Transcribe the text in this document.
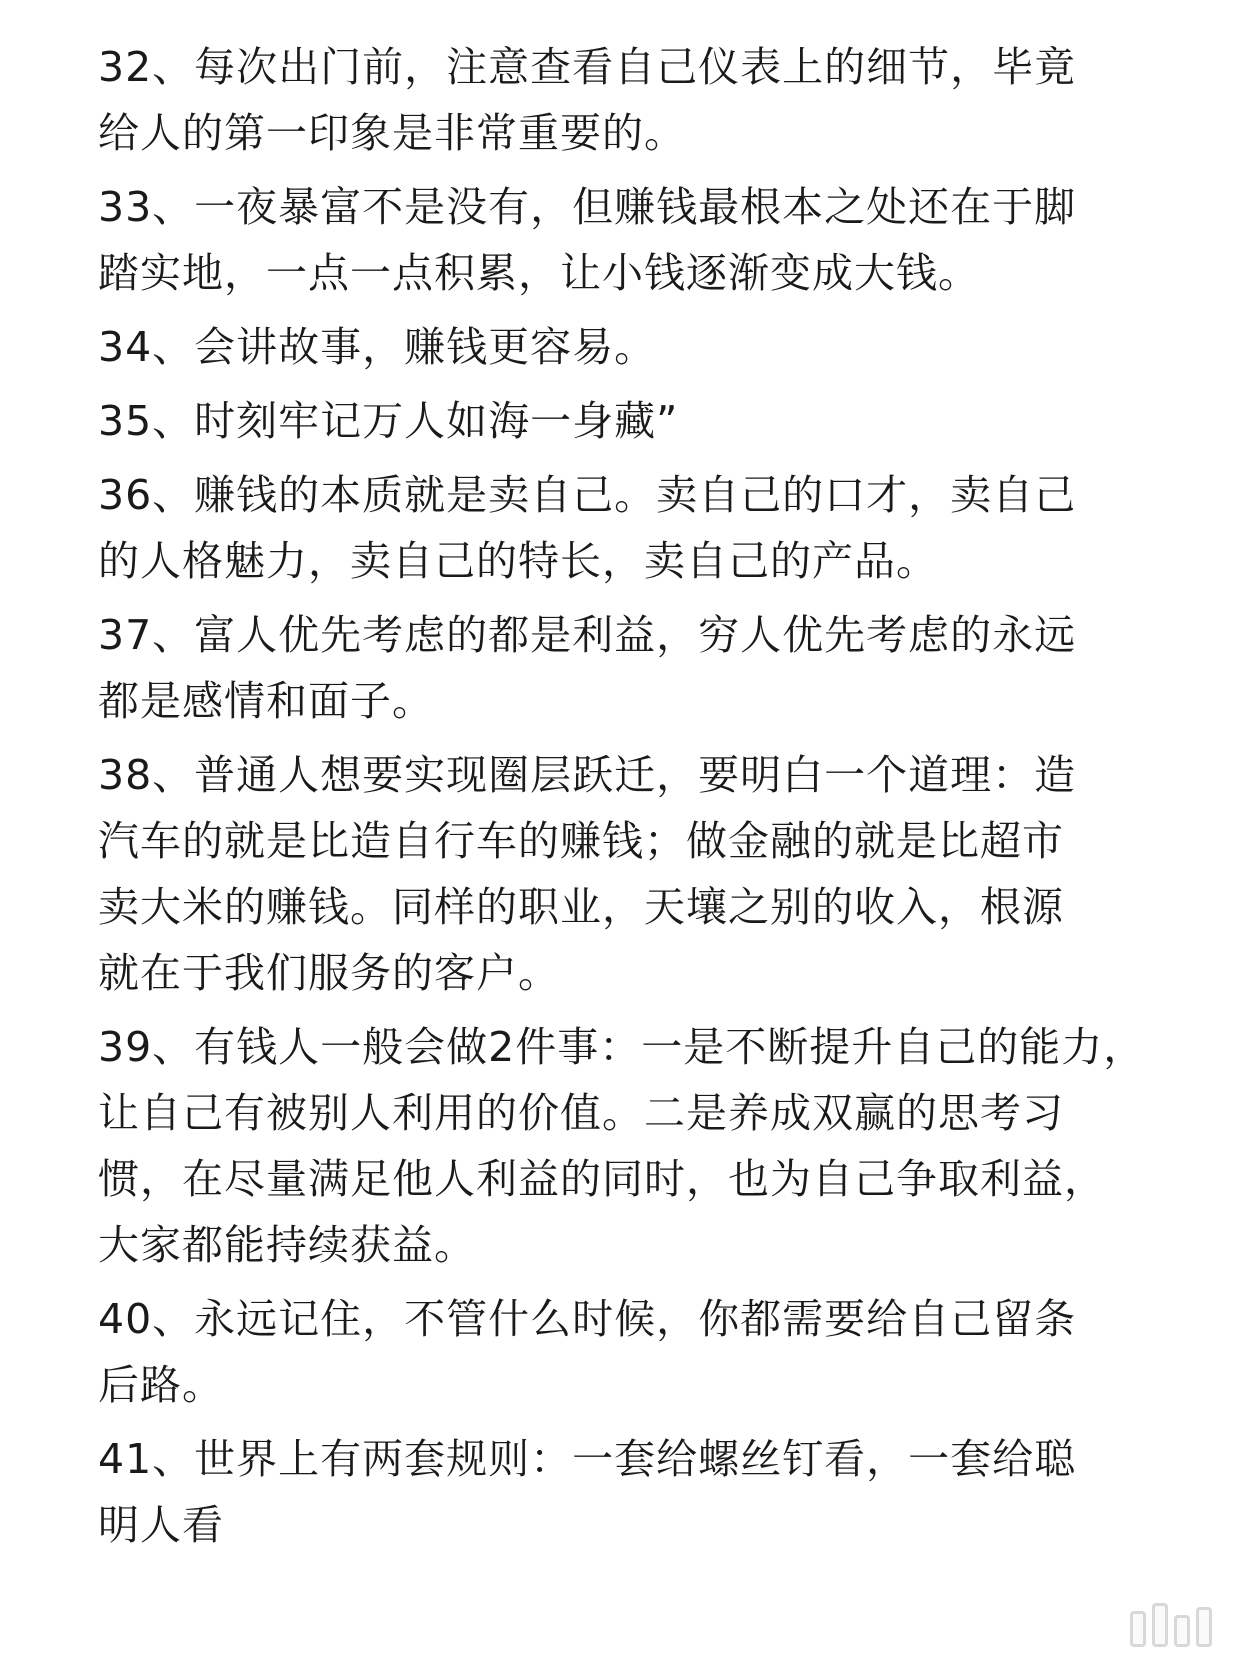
32、每次出门前，注意查看自己仪表上的细节，毕竟
给人的第一印象是非常重要的。
33、一夜暴富不是没有，但赚钱最根本之处还在于脚
踏实地，一点一点积累，让小钱逐渐变成大钱。
34、会讲故事，赚钱更容易。
35、时刻牢记万人如海一身藏”
36、赚钱的本质就是卖自己。卖自己的口才，卖自己
的人格魅力，卖自己的特长，卖自己的产品。
37、富人优先考虑的都是利益，穷人优先考虑的永远
都是感情和面子。
38、普通人想要实现圈层跃迁，要明白一个道理：造
汽车的就是比造自行车的赚钱；做金融的就是比超市
卖大米的赚钱。同样的职业，天壤之别的收入，根源
就在于我们服务的客户。
39、有钱人一般会做2件事：一是不断提升自己的能力，
让自己有被别人利用的价值。二是养成双赢的思考习
惯，在尽量满足他人利益的同时，也为自己争取利益，
大家都能持续获益。
40、永远记住，不管什么时候，你都需要给自己留条
后路。
41、世界上有两套规则：一套给螺丝钉看，一套给聪
明人看
